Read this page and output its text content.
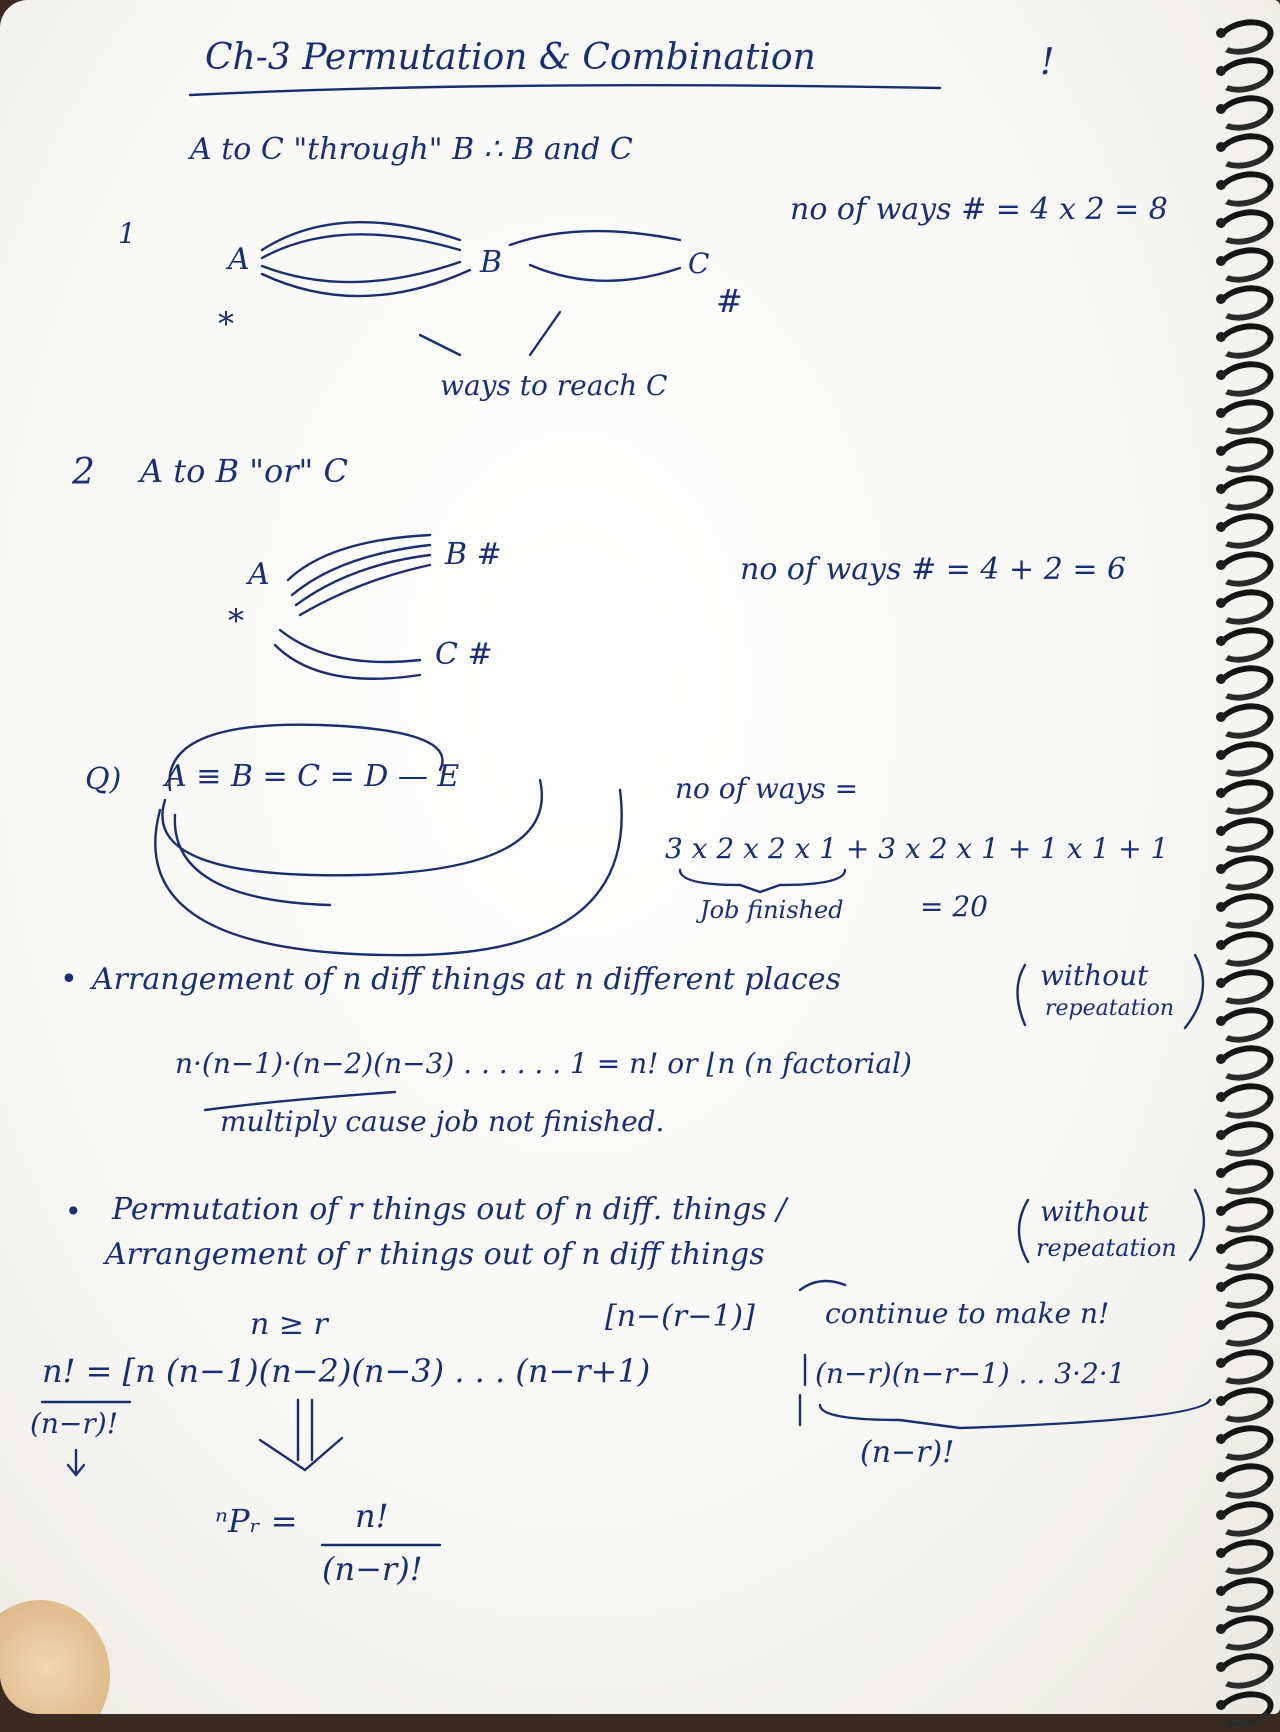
Ch-3 Permutation & Combination	!
A to C "through" B ∴ B and C
1
A	B	C
*
#
ways to reach C
no of ways # = 4 x 2 = 8
2 A to B "or" C
A
B #
*
C #
no of ways # = 4 + 2 = 6
Q) A ≡ B = C = D — E	no of ways =
3 x 2 x 2 x 1 + 3 x 2 x 1 + 1 x 1 + 1
Job finished	= 20
• Arrangement of n diff things at n different places	without
repeatation
n·(n−1)·(n−2)(n−3) . . . . . . 1 = n! or ⌊n (n factorial)
multiply cause job not finished.
• Permutation of r things out of n diff. things /
Arrangement of r things out of n diff things
without
repeatation
n ≥ r	[n−(r−1)]	continue to make n!
n! = [n (n−1)(n−2)(n−3) . . . (n−r+1)	(n−r)(n−r−1) . . 3·2·1
(n−r)!
(n−r)!
ⁿPᵣ = n!
(n−r)!
